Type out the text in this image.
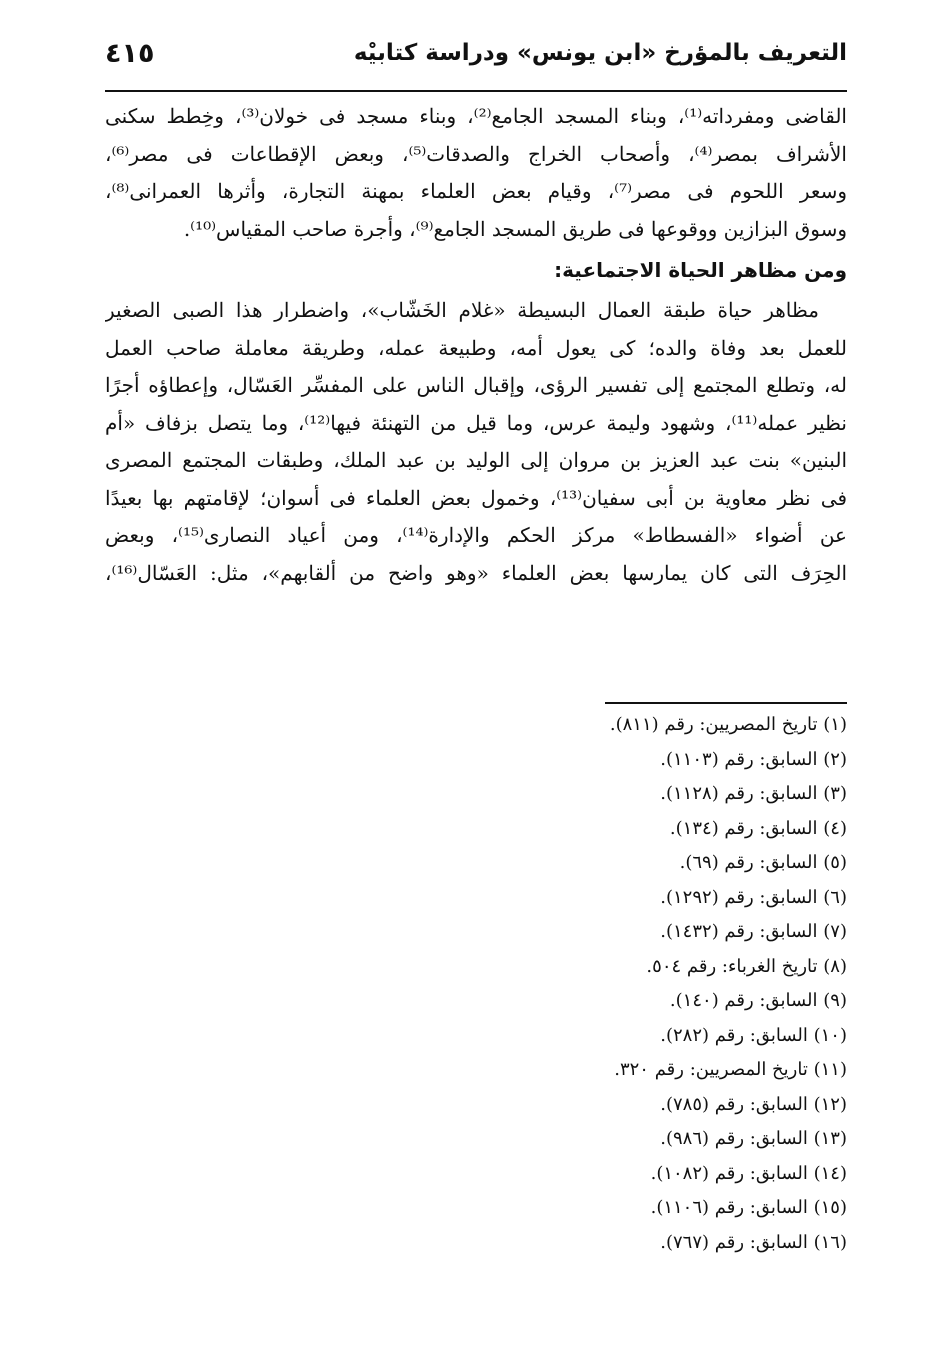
التعريف بالمؤرخ «ابن يونس» ودراسة كتابيْه
٤١٥
القاضى ومفرداته⁽¹⁾، وبناء المسجد الجامع⁽²⁾، وبناء مسجد فى خولان⁽³⁾، وخِطط سكنى
الأشراف بمصر⁽⁴⁾، وأصحاب الخراج والصدقات⁽⁵⁾، وبعض الإقطاعات فى مصر⁽⁶⁾،
وسعر اللحوم فى مصر⁽⁷⁾، وقيام بعض العلماء بمهنة التجارة، وأثرها العمرانى⁽⁸⁾،
وسوق البزازين ووقوعها فى طريق المسجد الجامع⁽⁹⁾، وأجرة صاحب المقياس⁽¹⁰⁾.
ومن مظاهر الحياة الاجتماعية:
مظاهر حياة طبقة العمال البسيطة «غلام الخَشّاب»، واضطرار هذا الصبى الصغير
للعمل بعد وفاة والده؛ كى يعول أمه، وطبيعة عمله، وطريقة معاملة صاحب العمل
له، وتطلع المجتمع إلى تفسير الرؤى، وإقبال الناس على المفسِّر العَسّال، وإعطاؤه أجرًا
نظير عمله⁽¹¹⁾، وشهود وليمة عرس، وما قيل من التهنئة فيها⁽¹²⁾، وما يتصل بزفاف «أم
البنين» بنت عبد العزيز بن مروان إلى الوليد بن عبد الملك، وطبقات المجتمع المصرى
فى نظر معاوية بن أبى سفيان⁽¹³⁾، وخمول بعض العلماء فى أسوان؛ لإقامتهم بها بعيدًا
عن أضواء «الفسطاط» مركز الحكم والإدارة⁽¹⁴⁾، ومن أعياد النصارى⁽¹⁵⁾، وبعض
الحِرَف التى كان يمارسها بعض العلماء «وهو واضح من ألقابهم»، مثل: العَسّال⁽¹⁶⁾،
(١) تاريخ المصريين: رقم (٨١١).
(٢) السابق: رقم (١١٠٣).
(٣) السابق: رقم (١١٢٨).
(٤) السابق: رقم (١٣٤).
(٥) السابق: رقم (٦٩).
(٦) السابق: رقم (١٢٩٢).
(٧) السابق: رقم (١٤٣٢).
(٨) تاريخ الغرباء: رقم ٥٠٤.
(٩) السابق: رقم (١٤٠).
(١٠) السابق: رقم (٢٨٢).
(١١) تاريخ المصريين: رقم ٣٢٠.
(١٢) السابق: رقم (٧٨٥).
(١٣) السابق: رقم (٩٨٦).
(١٤) السابق: رقم (١٠٨٢).
(١٥) السابق: رقم (١١٠٦).
(١٦) السابق: رقم (٧٦٧).
